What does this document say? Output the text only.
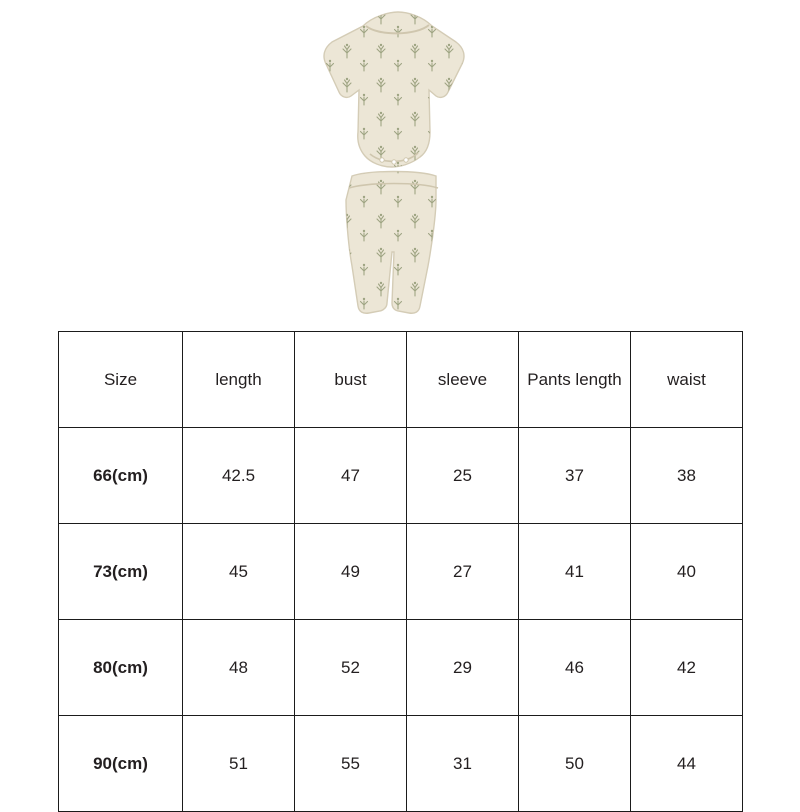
Size	length	bust	sleeve	Pants length	waist
66(cm)	42.5	47	25	37	38
73(cm)	45	49	27	41	40
80(cm)	48	52	29	46	42
90(cm)	51	55	31	50	44
